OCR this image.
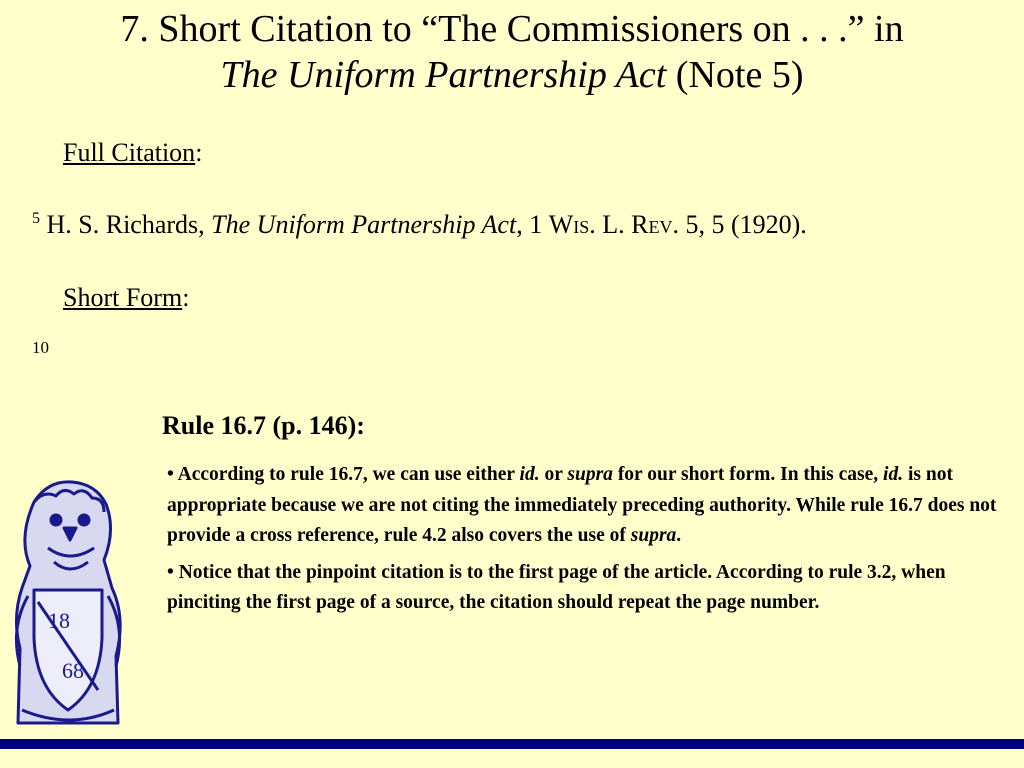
7. Short Citation to “The Commissioners on . . .” in
The Uniform Partnership Act (Note 5)
Full Citation:
$^5$ H. S. Richards, The Uniform Partnership Act, 1 Wis. L. Rev. 5, 5 (1920).
Short Form:
10
Rule 16.7 (p. 146):

• According to rule 16.7, we can use either id. or supra for our short form. In this case, id. is not appropriate because we are not citing the immediately preceding authority. While rule 16.7 does not provide a cross reference, rule 4.2 also covers the use of supra.

• Notice that the pinpoint citation is to the first page of the article. According to rule 3.2, when pinciting the first page of a source, the citation should repeat the page number.

18
68
